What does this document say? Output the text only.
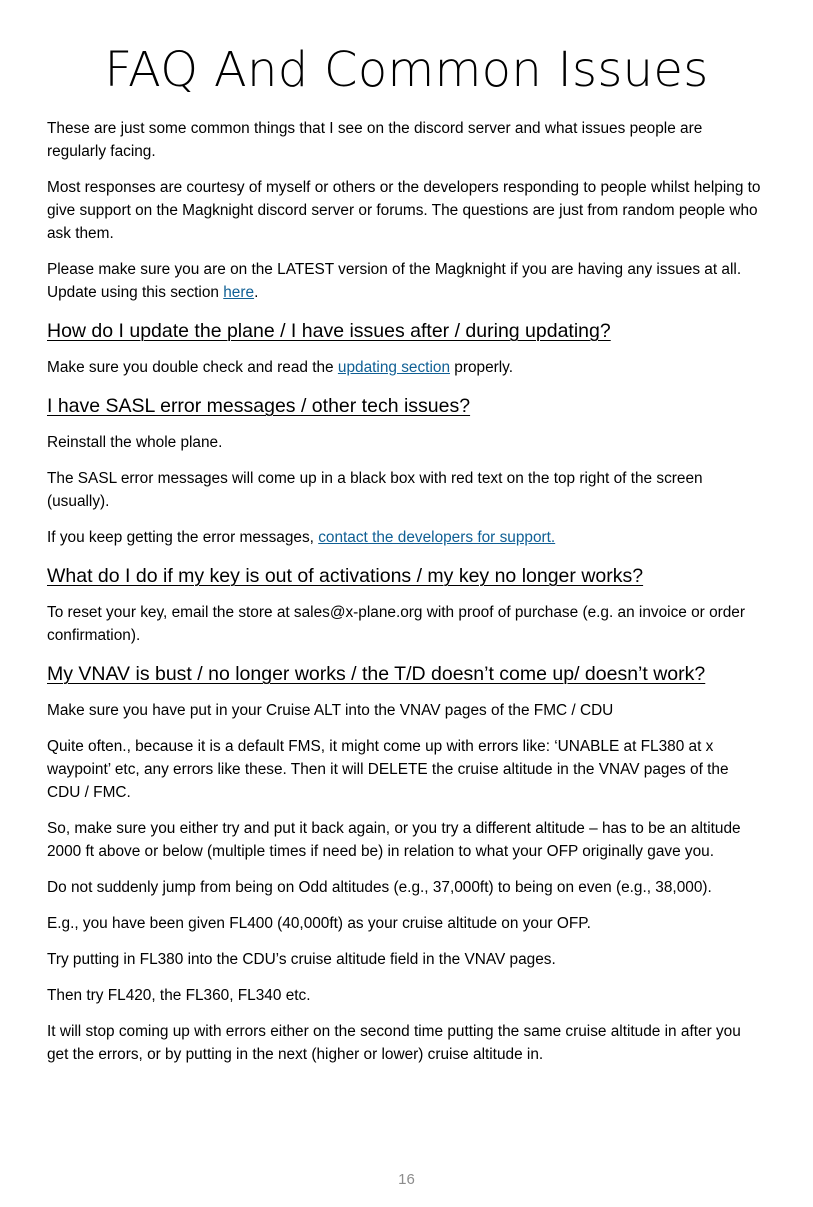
FAQ And Common Issues

These are just some common things that I see on the discord server and what issues people are regularly facing.

Most responses are courtesy of myself or others or the developers responding to people whilst helping to give support on the Magknight discord server or forums. The questions are just from random people who ask them.

Please make sure you are on the LATEST version of the Magknight if you are having any issues at all. Update using this section here.

How do I update the plane / I have issues after / during updating?

Make sure you double check and read the updating section properly.

I have SASL error messages / other tech issues?

Reinstall the whole plane.

The SASL error messages will come up in a black box with red text on the top right of the screen (usually).

If you keep getting the error messages, contact the developers for support.

What do I do if my key is out of activations / my key no longer works?

To reset your key, email the store at sales@x-plane.org with proof of purchase (e.g. an invoice or order confirmation).

My VNAV is bust / no longer works / the T/D doesn’t come up/ doesn’t work?

Make sure you have put in your Cruise ALT into the VNAV pages of the FMC / CDU

Quite often., because it is a default FMS, it might come up with errors like: ‘UNABLE at FL380 at x waypoint’ etc, any errors like these. Then it will DELETE the cruise altitude in the VNAV pages of the CDU / FMC.

So, make sure you either try and put it back again, or you try a different altitude – has to be an altitude 2000 ft above or below (multiple times if need be) in relation to what your OFP originally gave you.

Do not suddenly jump from being on Odd altitudes (e.g., 37,000ft) to being on even (e.g., 38,000).

E.g., you have been given FL400 (40,000ft) as your cruise altitude on your OFP.

Try putting in FL380 into the CDU’s cruise altitude field in the VNAV pages.

Then try FL420, the FL360, FL340 etc.

It will stop coming up with errors either on the second time putting the same cruise altitude in after you get the errors, or by putting in the next (higher or lower) cruise altitude in.

16
